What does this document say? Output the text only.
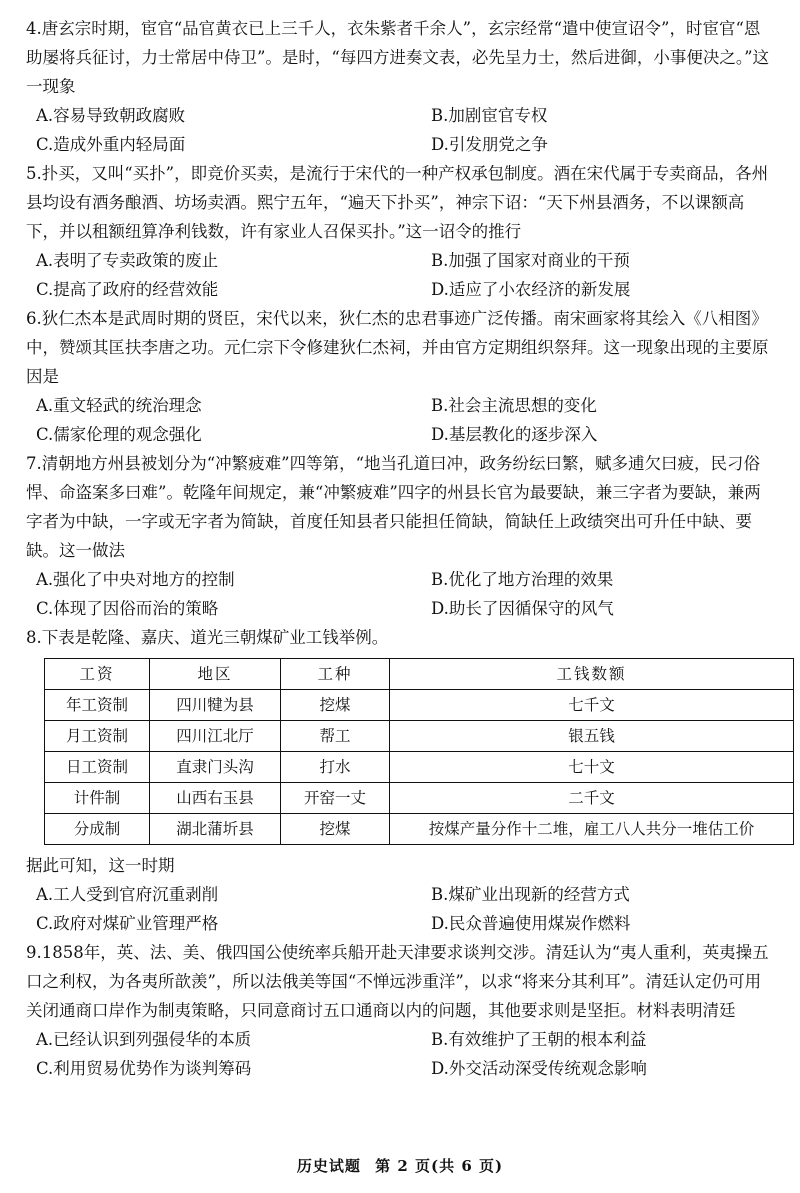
4.唐玄宗时期，宦官“品官黄衣已上三千人，衣朱紫者千余人”，玄宗经常“遣中使宣诏令”，时宦官“恩助屡将兵征讨，力士常居中侍卫”。是时，“每四方进奏文表，必先呈力士，然后进御，小事便决之。”这一现象
A.容易导致朝政腐败	B.加剧宦官专权
C.造成外重内轻局面	D.引发朋党之争
5.扑买，又叫“买扑”，即竞价买卖，是流行于宋代的一种产权承包制度。酒在宋代属于专卖商品，各州县均设有酒务酿酒、坊场卖酒。熙宁五年，“遍天下扑买”，神宗下诏：“天下州县酒务，不以课额高下，并以租额纽算净利钱数，许有家业人召保买扑。”这一诏令的推行
A.表明了专卖政策的废止	B.加强了国家对商业的干预
C.提高了政府的经营效能	D.适应了小农经济的新发展
6.狄仁杰本是武周时期的贤臣，宋代以来，狄仁杰的忠君事迹广泛传播。南宋画家将其绘入《八相图》中，赞颂其匡扶李唐之功。元仁宗下令修建狄仁杰祠，并由官方定期组织祭拜。这一现象出现的主要原因是
A.重文轻武的统治理念	B.社会主流思想的变化
C.儒家伦理的观念强化	D.基层教化的逐步深入
7.清朝地方州县被划分为“冲繁疲难”四等第，“地当孔道曰冲，政务纷纭曰繁，赋多逋欠曰疲，民刁俗悍、命盗案多曰难”。乾隆年间规定，兼“冲繁疲难”四字的州县长官为最要缺，兼三字者为要缺，兼两字者为中缺，一字或无字者为简缺，首度任知县者只能担任简缺，简缺任上政绩突出可升任中缺、要缺。这一做法
A.强化了中央对地方的控制	B.优化了地方治理的效果
C.体现了因俗而治的策略	D.助长了因循保守的风气
8.下表是乾隆、嘉庆、道光三朝煤矿业工钱举例。
工资	地区	工种	工钱数额
年工资制	四川犍为县	挖煤	七千文
月工资制	四川江北厅	帮工	银五钱
日工资制	直隶门头沟	打水	七十文
计件制	山西右玉县	开窑一丈	二千文
分成制	湖北蒲圻县	挖煤	按煤产量分作十二堆，雇工八人共分一堆估工价
据此可知，这一时期
A.工人受到官府沉重剥削	B.煤矿业出现新的经营方式
C.政府对煤矿业管理严格	D.民众普遍使用煤炭作燃料
9.1858年，英、法、美、俄四国公使统率兵船开赴天津要求谈判交涉。清廷认为“夷人重利，英夷操五口之利权，为各夷所歆羡”，所以法俄美等国“不惮远涉重洋”，以求“将来分其利耳”。清廷认定仍可用关闭通商口岸作为制夷策略，只同意商讨五口通商以内的问题，其他要求则是坚拒。材料表明清廷
A.已经认识到列强侵华的本质	B.有效维护了王朝的根本利益
C.利用贸易优势作为谈判筹码	D.外交活动深受传统观念影响
历史试题 第 2 页(共 6 页)
